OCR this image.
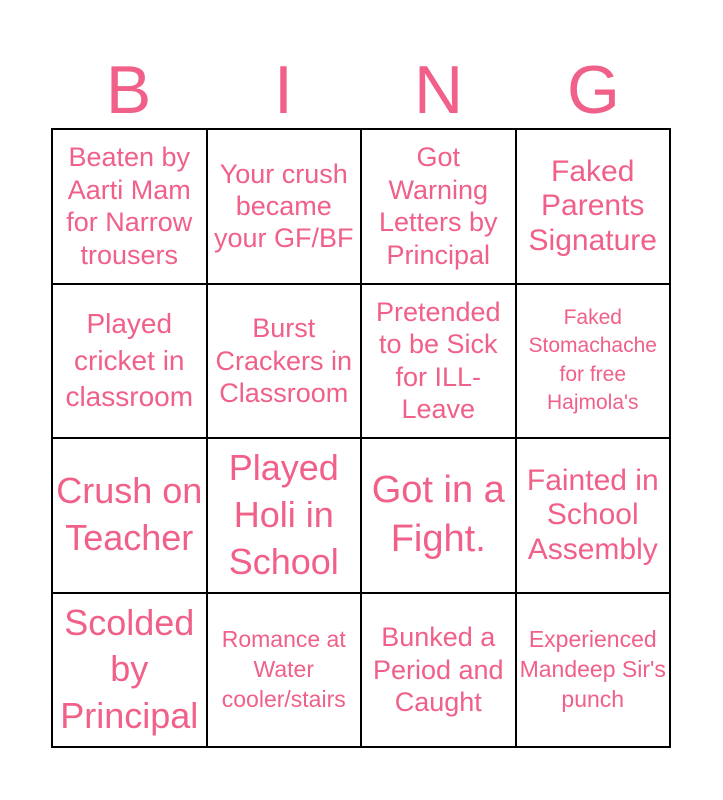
B	I	N	G
Beaten by Aarti Mam for Narrow trousers
Your crush became your GF/BF
Got Warning Letters by Principal
Faked Parents Signature
Played cricket in classroom
Burst Crackers in Classroom
Pretended to be Sick for ILL-Leave
Faked Stomachache for free Hajmola's
Crush on Teacher
Played Holi in School
Got in a Fight.
Fainted in School Assembly
Scolded by Principal
Romance at Water cooler/stairs
Bunked a Period and Caught
Experienced Mandeep Sir's punch
